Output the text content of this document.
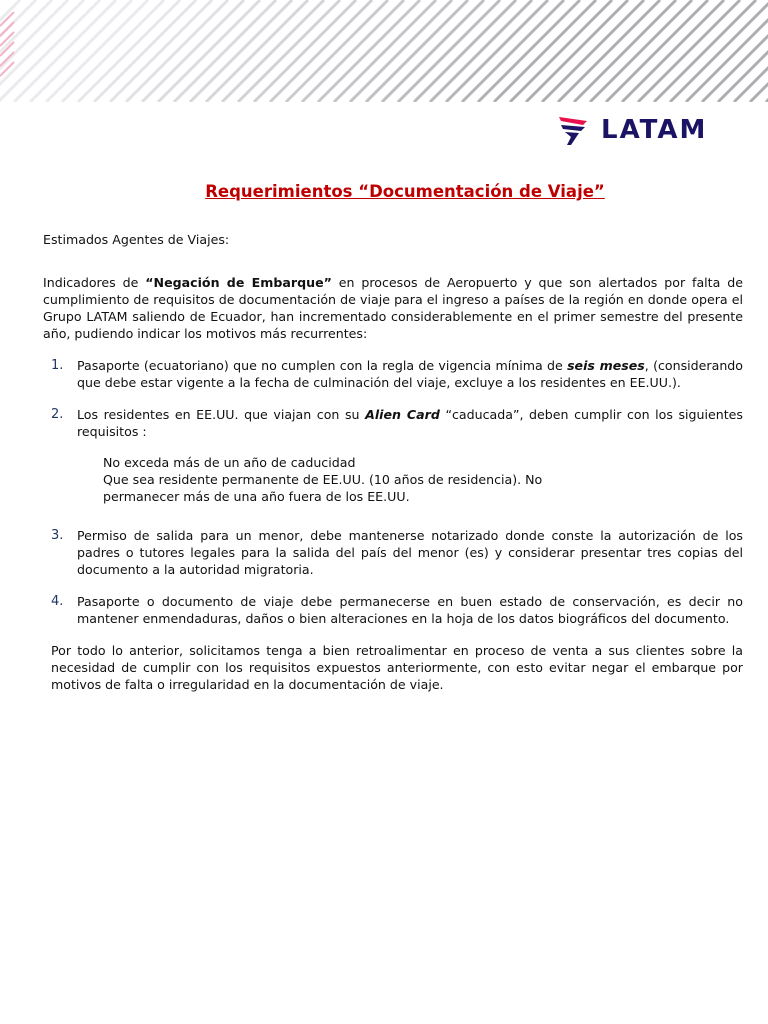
LATAM
Requerimientos “Documentación de Viaje”

Estimados Agentes de Viajes:

Indicadores de “Negación de Embarque” en procesos de Aeropuerto y que son alertados por falta de cumplimiento de requisitos de documentación de viaje para el ingreso a países de la región en donde opera el Grupo LATAM saliendo de Ecuador, han incrementado considerablemente en el primer semestre del presente año, pudiendo indicar los motivos más recurrentes:

1.	Pasaporte (ecuatoriano) que no cumplen con la regla de vigencia mínima de seis meses, (considerando que debe estar vigente a la fecha de culminación del viaje, excluye a los residentes en EE.UU.).
2.	Los residentes en EE.UU. que viajan con su Alien Card “caducada”, deben cumplir con los siguientes requisitos :
No exceda más de un año de caducidad
Que sea residente permanente de EE.UU. (10 años de residencia). No
permanecer más de una año fuera de los EE.UU.
3.	Permiso de salida para un menor, debe mantenerse notarizado donde conste la autorización de los padres o tutores legales para la salida del país del menor (es) y considerar presentar tres copias del documento a la autoridad migratoria.
4.	Pasaporte o documento de viaje debe permanecerse en buen estado de conservación, es decir no mantener enmendaduras, daños o bien alteraciones en la hoja de los datos biográficos del documento.

Por todo lo anterior, solicitamos tenga a bien retroalimentar en proceso de venta a sus clientes sobre la necesidad de cumplir con los requisitos expuestos anteriormente, con esto evitar negar el embarque por motivos de falta o irregularidad en la documentación de viaje.
